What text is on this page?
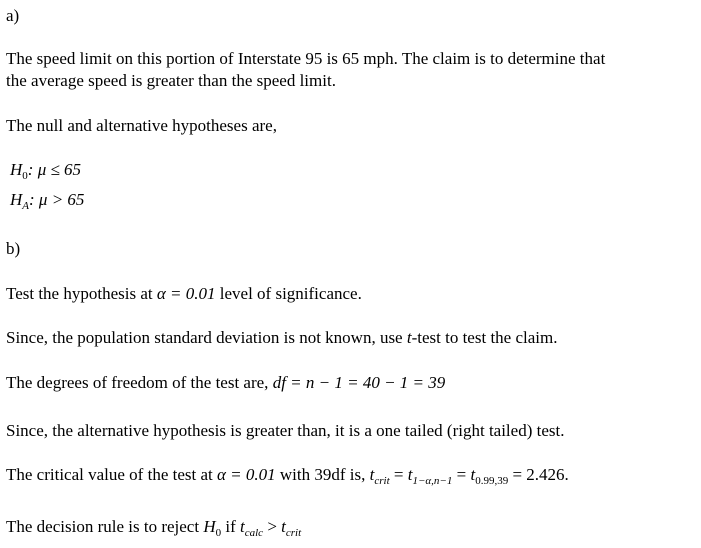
a)
The speed limit on this portion of Interstate 95 is 65 mph. The claim is to determine that
the average speed is greater than the speed limit.
The null and alternative hypotheses are,
$H_0$: μ ≤ 65
$H_A$: μ > 65
b)
Test the hypothesis at α = 0.01 level of significance.
Since, the population standard deviation is not known, use t-test to test the claim.
The degrees of freedom of the test are, df = n − 1 = 40 − 1 = 39
Since, the alternative hypothesis is greater than, it is a one tailed (right tailed) test.
The critical value of the test at α = 0.01 with 39df is, $t_{crit} = t_{1-\alpha,n-1} = t_{0.99,39} = 2.426$.
The decision rule is to reject $H_0$ if $t_{calc} > t_{crit}$
